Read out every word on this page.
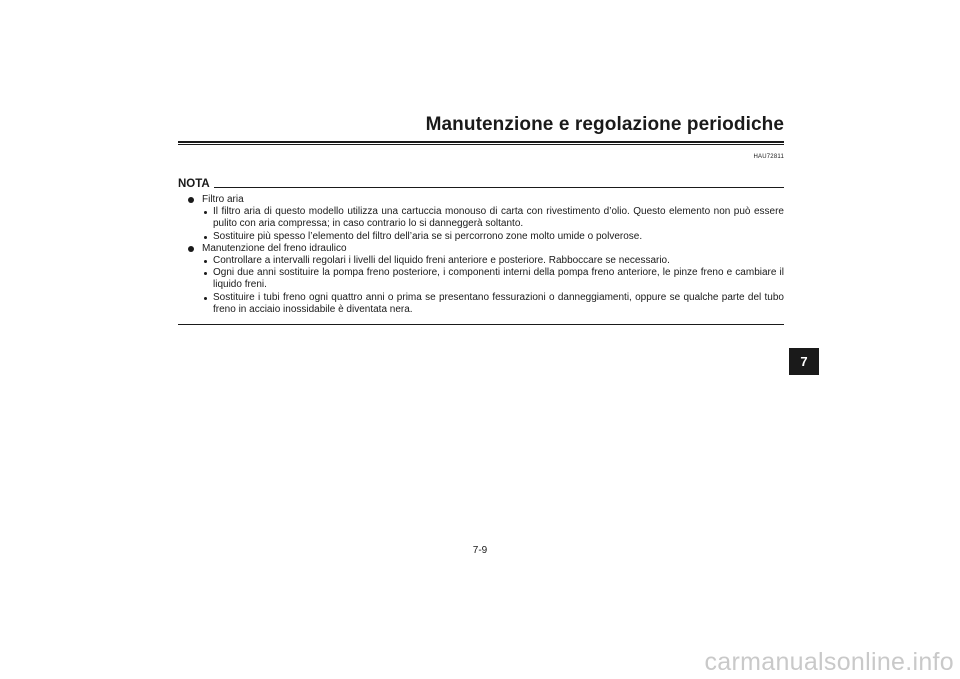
Manutenzione e regolazione periodiche
HAU72811
NOTA
Filtro aria
Il filtro aria di questo modello utilizza una cartuccia monouso di carta con rivestimento d’olio. Questo elemento non può essere pulito con aria compressa; in caso contrario lo si danneggerà soltanto.
Sostituire più spesso l’elemento del filtro dell’aria se si percorrono zone molto umide o polverose.
Manutenzione del freno idraulico
Controllare a intervalli regolari i livelli del liquido freni anteriore e posteriore. Rabboccare se necessario.
Ogni due anni sostituire la pompa freno posteriore, i componenti interni della pompa freno anteriore, le pinze freno e cambiare il liquido freni.
Sostituire i tubi freno ogni quattro anni o prima se presentano fessurazioni o danneggiamenti, oppure se qualche parte del tubo freno in acciaio inossidabile è diventata nera.
7-9
7
carmanualsonline.info
